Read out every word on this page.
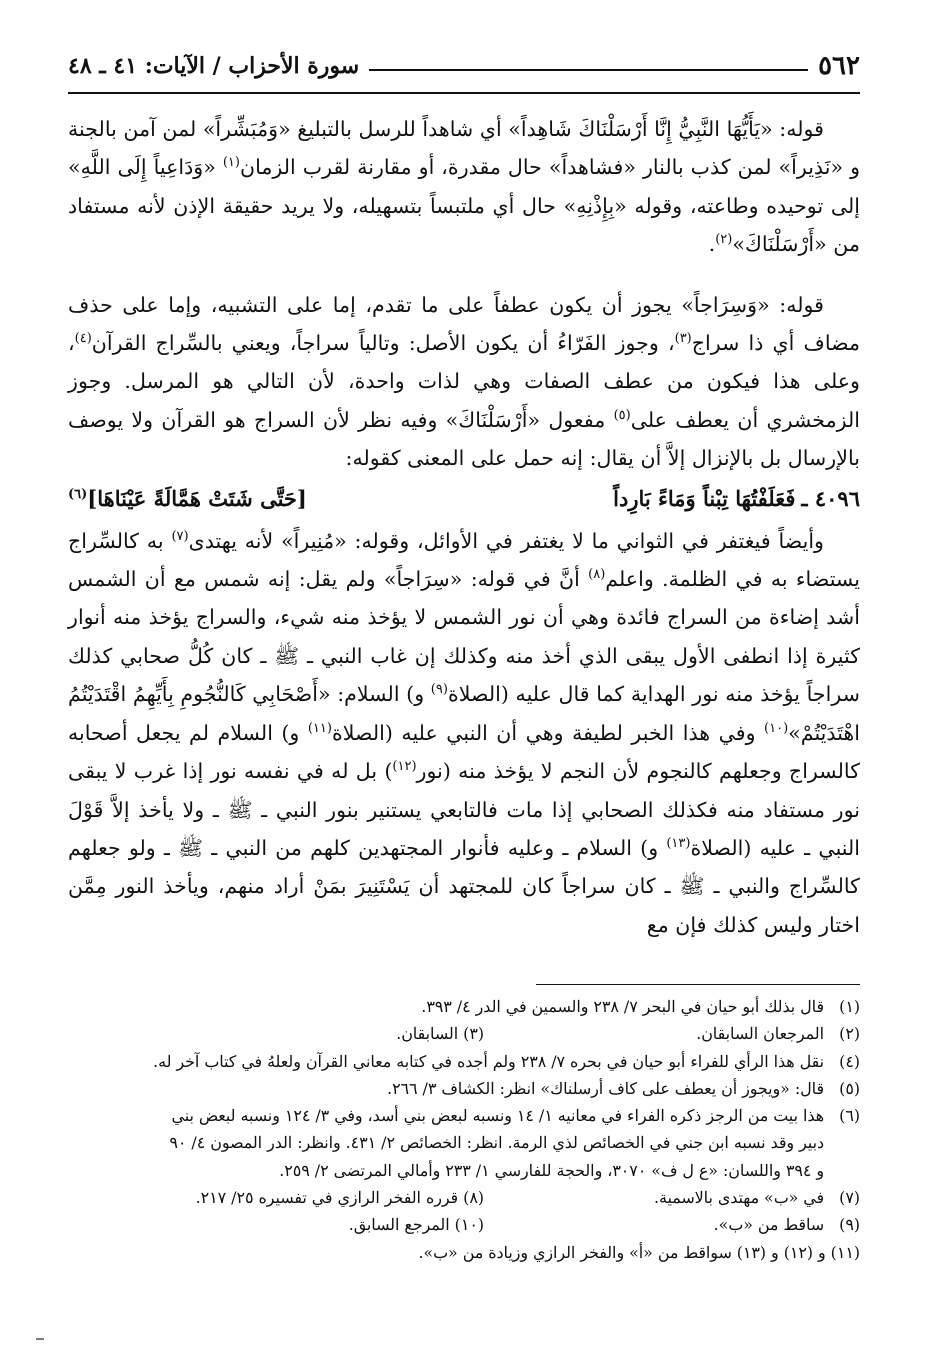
٥٦٢
سورة الأحزاب / الآيات: ٤١ ـ ٤٨

قوله: «يَأَيُّهَا النَّبِيُّ إِنَّا أَرْسَلْنَاكَ شَاهِداً» أي شاهداً للرسل بالتبليغ «وَمُبَشِّراً» لمن آمن بالجنة و «نَذِيراً» لمن كذب بالنار «فشاهداً» حال مقدرة، أو مقارنة لقرب الزمان$^{(١)}$ «وَدَاعِياً إِلَى اللَّهِ» إلى توحيده وطاعته، وقوله «بِإِذْنِهِ» حال أي ملتبساً بتسهيله، ولا يريد حقيقة الإذن لأنه مستفاد من «أَرْسَلْنَاكَ»$^{(٢)}$.

قوله: «وَسِرَاجاً» يجوز أن يكون عطفاً على ما تقدم، إما على التشبيه، وإما على حذف مضاف أي ذا سراج$^{(٣)}$، وجوز الفَرّاءُ أن يكون الأصل: وتالياً سراجاً، ويعني بالسِّراج القرآن$^{(٤)}$، وعلى هذا فيكون من عطف الصفات وهي لذات واحدة، لأن التالي هو المرسل. وجوز الزمخشري أن يعطف على$^{(٥)}$ مفعول «أَرْسَلْنَاكَ» وفيه نظر لأن السراج هو القرآن ولا يوصف بالإرسال بل بالإنزال إلاَّ أن يقال: إنه حمل على المعنى كقوله:

٤٠٩٦ ـ
فَعَلَفْتُهَا تِبْناً وَمَاءً بَارِداً
[حَتَّى شَتَتْ هَمَّالَةً عَيْنَاهَا]$^{(٦)}$

وأيضاً فيغتفر في الثواني ما لا يغتفر في الأوائل، وقوله: «مُنِيراً» لأنه يهتدى$^{(٧)}$ به كالسِّراج يستضاء به في الظلمة. واعلم$^{(٨)}$ أنَّ في قوله: «سِرَاجاً» ولم يقل: إنه شمس مع أن الشمس أشد إضاءة من السراج فائدة وهي أن نور الشمس لا يؤخذ منه شيء، والسراج يؤخذ منه أنوار كثيرة إذا انطفى الأول يبقى الذي أخذ منه وكذلك إن غاب النبي ـ ﷺ ـ كان كُلُّ صحابي كذلك سراجاً يؤخذ منه نور الهداية كما قال عليه (الصلاة$^{(٩)}$ و) السلام: «أَصْحَابِي كَالنُّجُومِ بِأَيِّهِمُ اقْتَدَيْتُمُ اهْتَدَيْتُمْ»$^{(١٠)}$ وفي هذا الخبر لطيفة وهي أن النبي عليه (الصلاة$^{(١١)}$ و) السلام لم يجعل أصحابه كالسراج وجعلهم كالنجوم لأن النجم لا يؤخذ منه (نور$^{(١٢)}$) بل له في نفسه نور إذا غرب لا يبقى نور مستفاد منه فكذلك الصحابي إذا مات فالتابعي يستنير بنور النبي ـ ﷺ ـ ولا يأخذ إلاَّ قَوْلَ النبي ـ عليه (الصلاة$^{(١٣)}$ و) السلام ـ وعليه فأنوار المجتهدين كلهم من النبي ـ ﷺ ـ ولو جعلهم كالسِّراج والنبي ـ ﷺ ـ كان سراجاً كان للمجتهد أن يَسْتَنِيرَ بمَنْ أراد منهم، ويأخذ النور مِمَّن اختار وليس كذلك فإن مع

(١)
قال بذلك أبو حيان في البحر ٧/ ٢٣٨ والسمين في الدر ٤/ ٣٩٣.
(٢)
المرجعان السابقان.
(٣)

السابقان.
(٤)
نقل هذا الرأي للفراء أبو حيان في بحره ٧/ ٢٣٨ ولم أجده في كتابه معاني القرآن ولعلهُ في كتاب آخر له.
(٥)
قال: «ويجوز أن يعطف على كاف أرسلناك» انظر: الكشاف ٣/ ٢٦٦.
(٦)
هذا بيت من الرجز ذكره الفراء في معانيه ١/ ١٤ ونسبه لبعض بني أسد، وفي ٣/ ١٢٤ ونسبه لبعض بني
دبير وقد نسبه ابن جني في الخصائص لذي الرمة. انظر: الخصائص ٢/ ٤٣١. وانظر: الدر المصون ٤/ ٩٠
و ٣٩٤ واللسان: «ع ل ف» ٣٠٧٠، والحجة للفارسي ١/ ٢٣٣ وأمالي المرتضى ٢/ ٢٥٩.
(٧)
في «ب» مهتدى بالاسمية.
(٨)

قرره الفخر الرازي في تفسيره ٢٥/ ٢١٧.
(٩)
ساقط من «ب».
(١٠)

المرجع السابق.
(١١) و (١٢) و (١٣) سواقط من «أ» والفخر الرازي وزيادة من «ب».
